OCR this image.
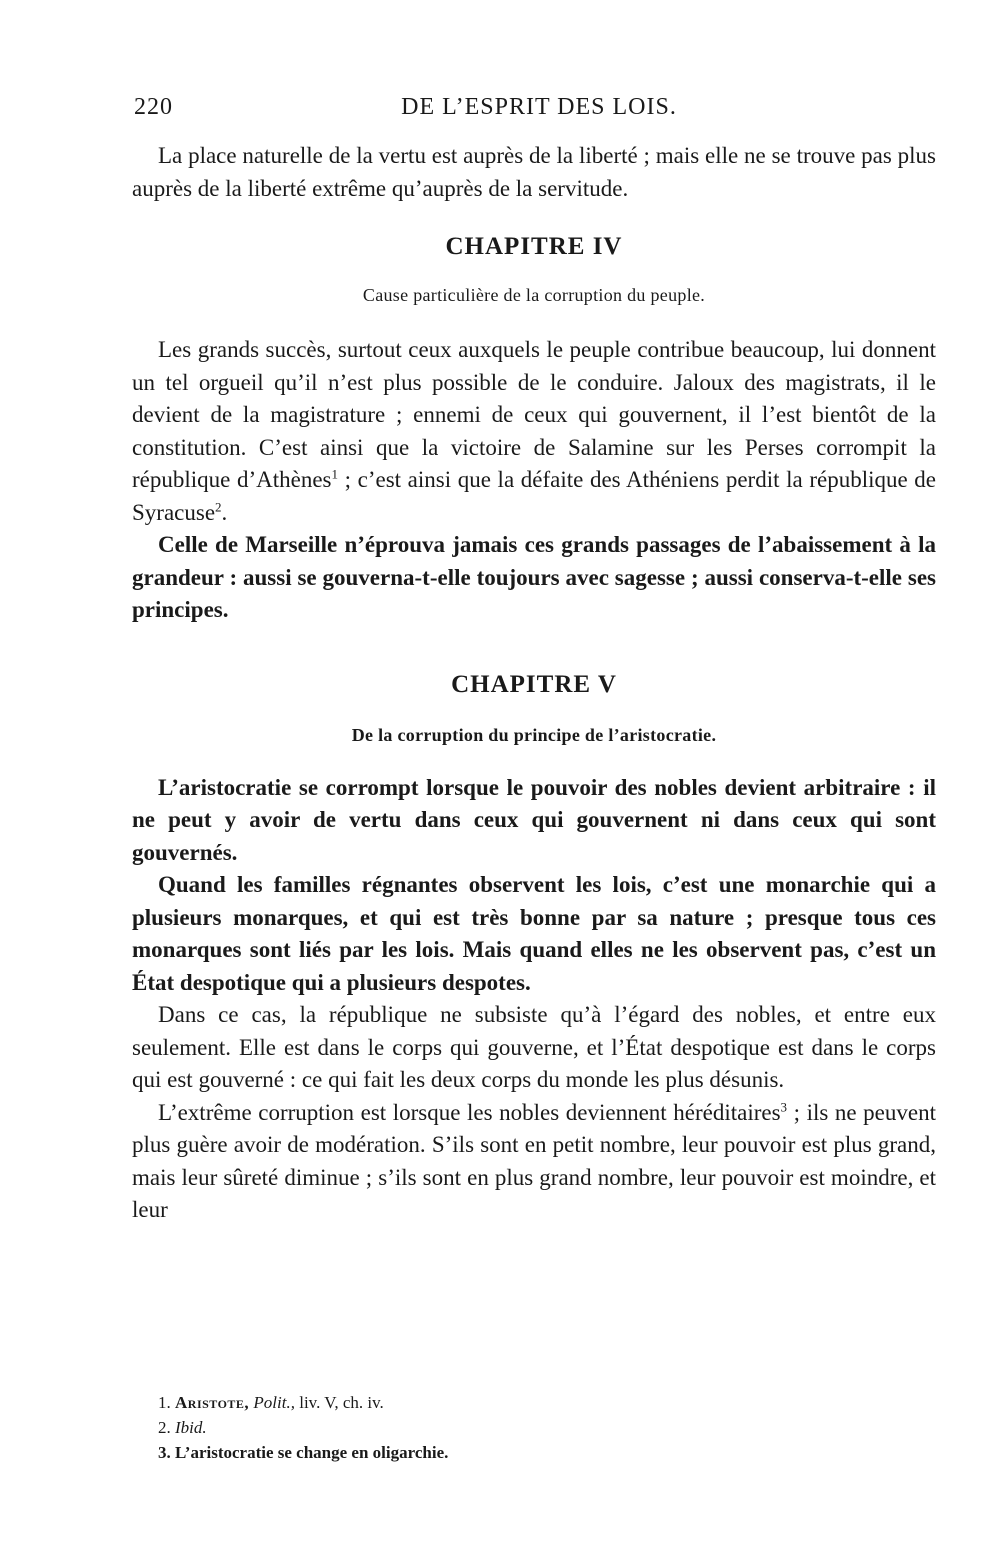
220	DE L’ESPRIT DES LOIS.

La place naturelle de la vertu est auprès de la liberté ; mais elle ne se trouve pas plus auprès de la liberté extrême qu’auprès de la servitude.

CHAPITRE IV

Cause particulière de la corruption du peuple.

Les grands succès, surtout ceux auxquels le peuple contribue beaucoup, lui donnent un tel orgueil qu’il n’est plus possible de le conduire. Jaloux des magistrats, il le devient de la magistrature ; ennemi de ceux qui gouvernent, il l’est bientôt de la constitution. C’est ainsi que la victoire de Salamine sur les Perses corrompit la république d’Athènes$^1$ ; c’est ainsi que la défaite des Athéniens perdit la république de Syracuse$^2$.

Celle de Marseille n’éprouva jamais ces grands passages de l’abaissement à la grandeur : aussi se gouverna-t-elle toujours avec sagesse ; aussi conserva-t-elle ses principes.

CHAPITRE V

De la corruption du principe de l’aristocratie.

L’aristocratie se corrompt lorsque le pouvoir des nobles devient arbitraire : il ne peut y avoir de vertu dans ceux qui gouvernent ni dans ceux qui sont gouvernés.

Quand les familles régnantes observent les lois, c’est une monarchie qui a plusieurs monarques, et qui est très bonne par sa nature ; presque tous ces monarques sont liés par les lois. Mais quand elles ne les observent pas, c’est un État despotique qui a plusieurs despotes.

Dans ce cas, la république ne subsiste qu’à l’égard des nobles, et entre eux seulement. Elle est dans le corps qui gouverne, et l’État despotique est dans le corps qui est gouverné : ce qui fait les deux corps du monde les plus désunis.

L’extrême corruption est lorsque les nobles deviennent héréditaires$^3$ ; ils ne peuvent plus guère avoir de modération. S’ils sont en petit nombre, leur pouvoir est plus grand, mais leur sûreté diminue ; s’ils sont en plus grand nombre, leur pouvoir est moindre, et leur

1. Aristote, Polit., liv. V, ch. iv.

2. Ibid.

3. L’aristocratie se change en oligarchie.
